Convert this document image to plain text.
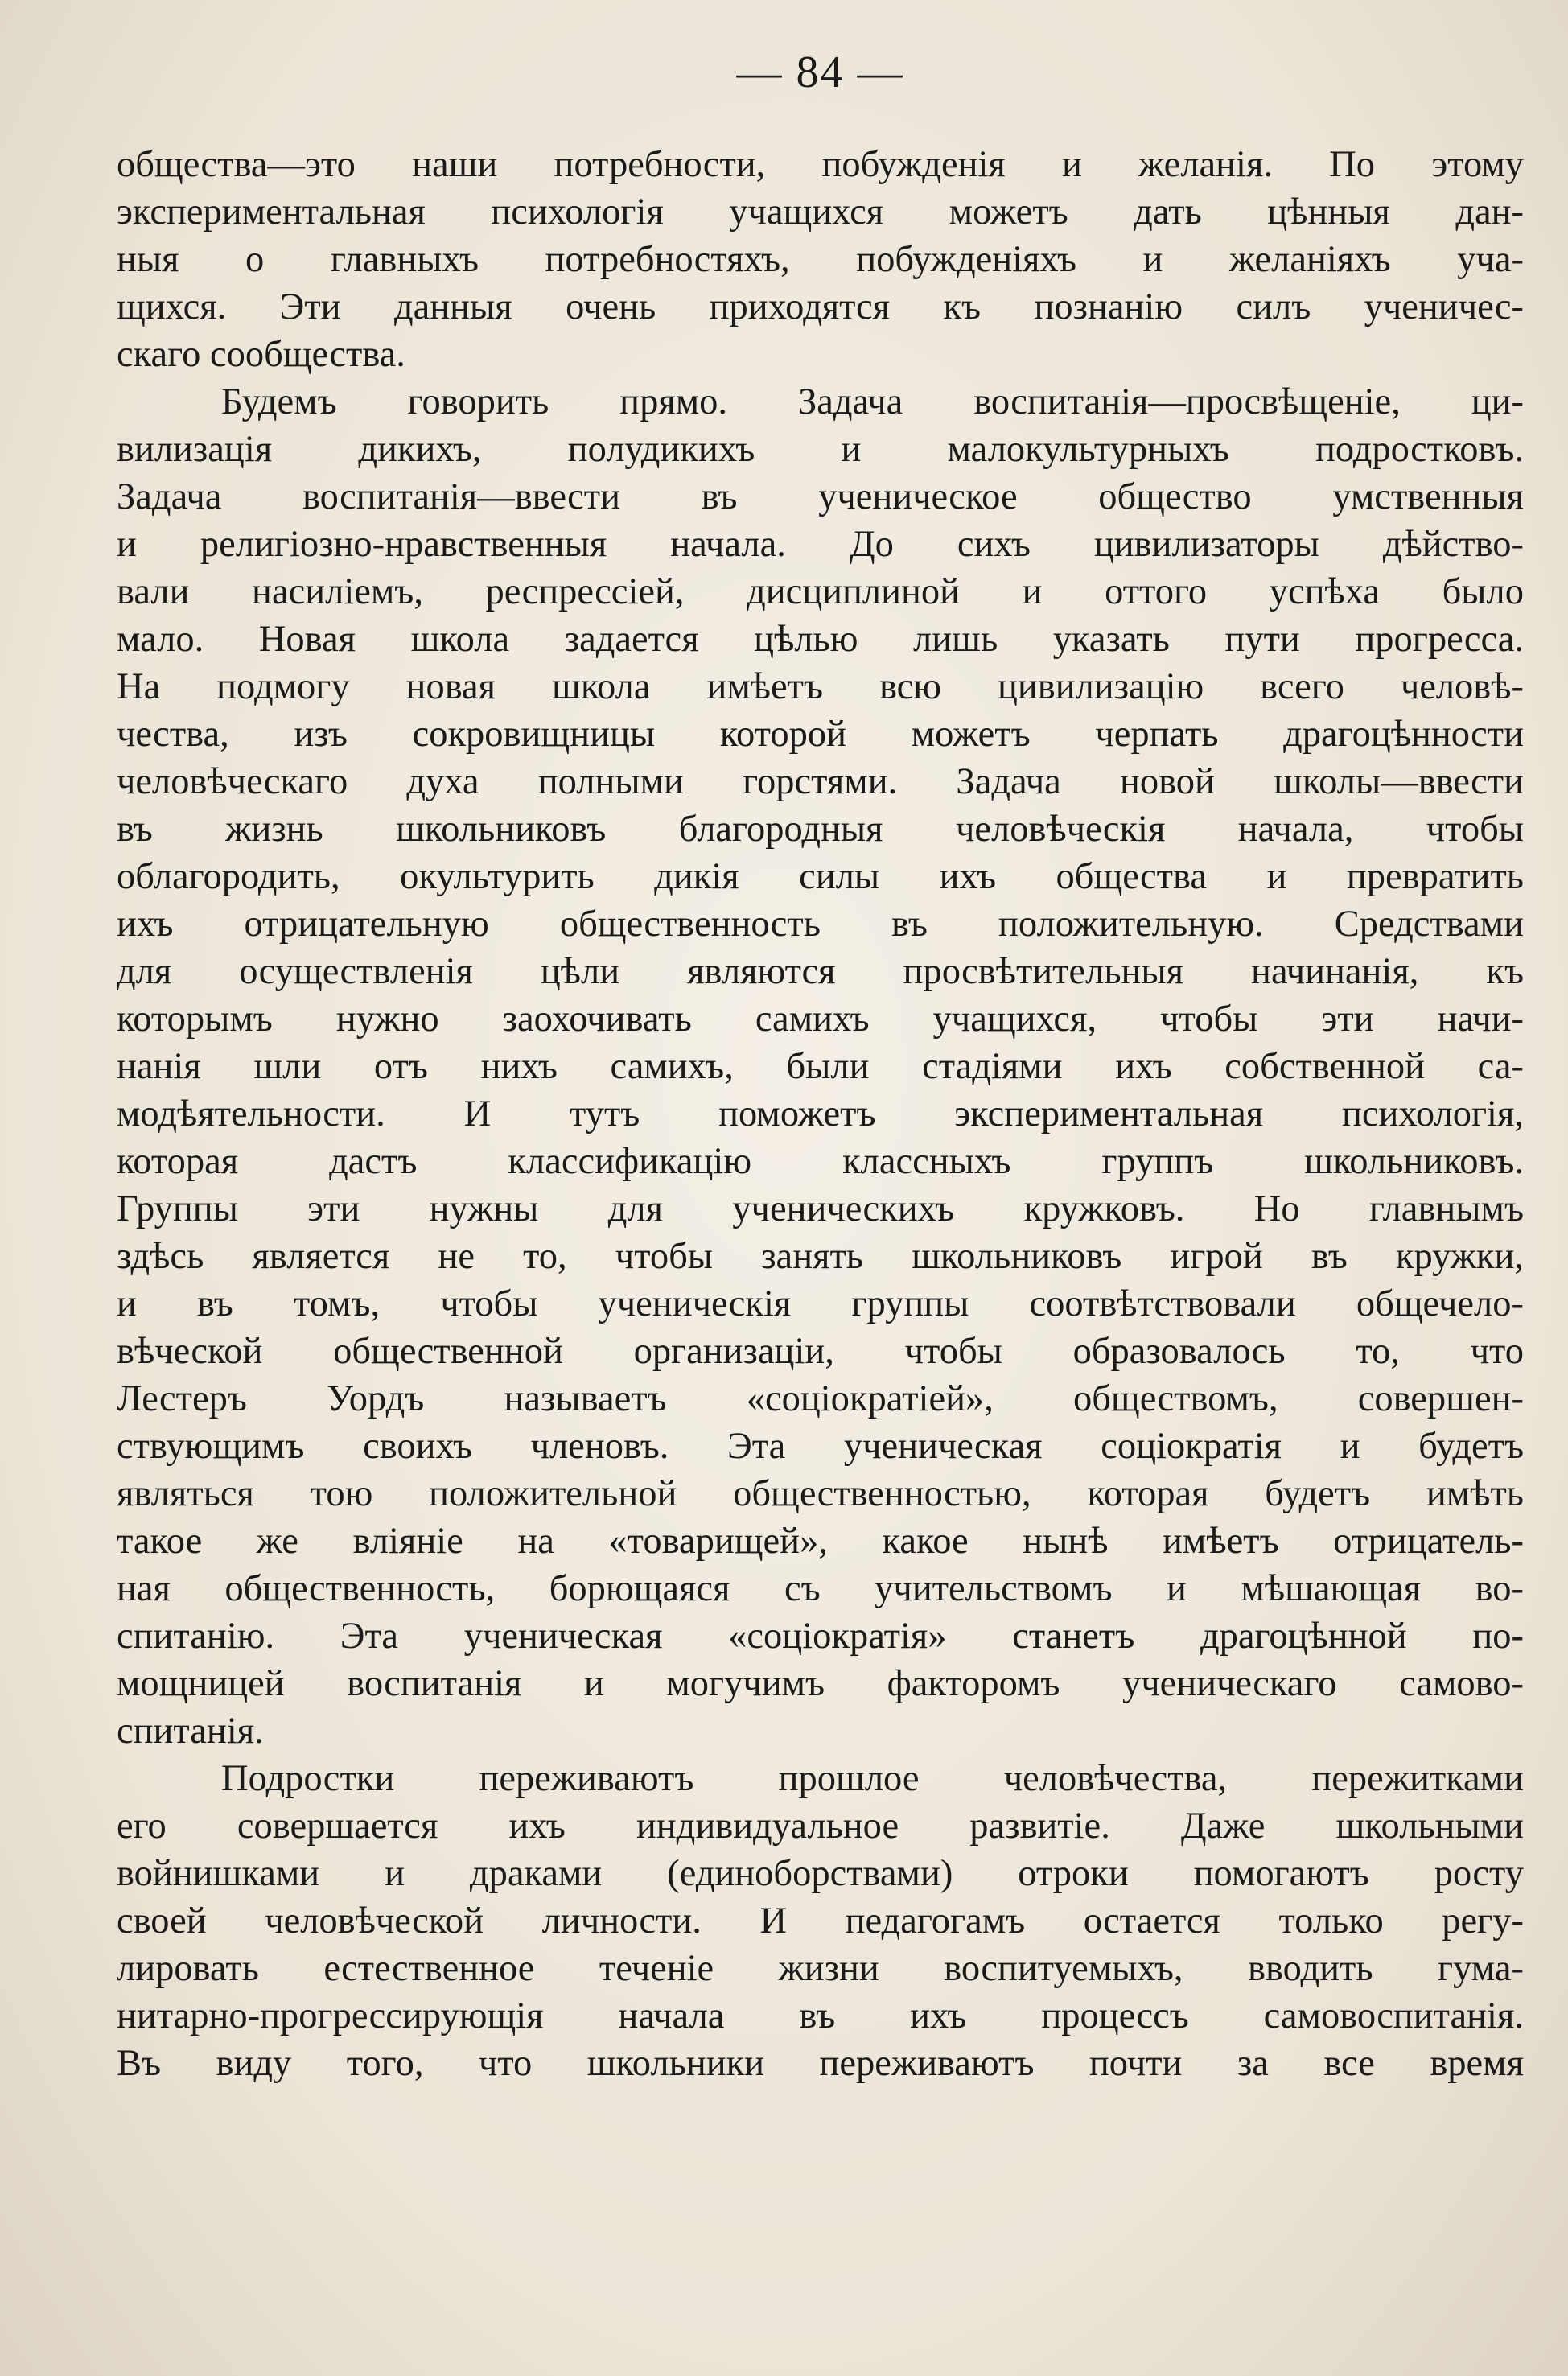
— 84 —
общества—это наши потребности, побужденія и желанія. По этому
экспериментальная психологія учащихся можетъ дать цѣнныя дан-
ныя о главныхъ потребностяхъ, побужденіяхъ и желаніяхъ уча-
щихся. Эти данныя очень приходятся къ познанію силъ ученичес-
скаго сообщества.
Будемъ говорить прямо. Задача воспитанія—просвѣщеніе, ци-
вилизація дикихъ, полудикихъ и малокультурныхъ подростковъ.
Задача воспитанія—ввести въ ученическое общество умственныя
и религіозно-нравственныя начала. До сихъ цивилизаторы дѣйство-
вали насиліемъ, респрессіей, дисциплиной и оттого успѣха было
мало. Новая школа задается цѣлью лишь указать пути прогресса.
На подмогу новая школа имѣетъ всю цивилизацію всего человѣ-
чества, изъ сокровищницы которой можетъ черпать драгоцѣнности
человѣческаго духа полными горстями. Задача новой школы—ввести
въ жизнь школьниковъ благородныя человѣческія начала, чтобы
облагородить, окультурить дикія силы ихъ общества и превратить
ихъ отрицательную общественность въ положительную. Средствами
для осуществленія цѣли являются просвѣтительныя начинанія, къ
которымъ нужно заохочивать самихъ учащихся, чтобы эти начи-
нанія шли отъ нихъ самихъ, были стадіями ихъ собственной са-
модѣятельности. И тутъ поможетъ экспериментальная психологія,
которая дастъ классификацію классныхъ группъ школьниковъ.
Группы эти нужны для ученическихъ кружковъ. Но главнымъ
здѣсь является не то, чтобы занять школьниковъ игрой въ кружки,
и въ томъ, чтобы ученическія группы соотвѣтствовали общечело-
вѣческой общественной организаціи, чтобы образовалось то, что
Лестеръ Уордъ называетъ «соціократіей», обществомъ, совершен-
ствующимъ своихъ членовъ. Эта ученическая соціократія и будетъ
являться тою положительной общественностью, которая будетъ имѣть
такое же вліяніе на «товарищей», какое нынѣ имѣетъ отрицатель-
ная общественность, борющаяся съ учительствомъ и мѣшающая во-
спитанію. Эта ученическая «соціократія» станетъ драгоцѣнной по-
мощницей воспитанія и могучимъ факторомъ ученическаго самово-
спитанія.
Подростки переживаютъ прошлое человѣчества, пережитками
его совершается ихъ индивидуальное развитіе. Даже школьными
войнишками и драками (единоборствами) отроки помогаютъ росту
своей человѣческой личности. И педагогамъ остается только регу-
лировать естественное теченіе жизни воспитуемыхъ, вводить гума-
нитарно-прогрессирующія начала въ ихъ процессъ самовоспитанія.
Въ виду того, что школьники переживаютъ почти за все время
